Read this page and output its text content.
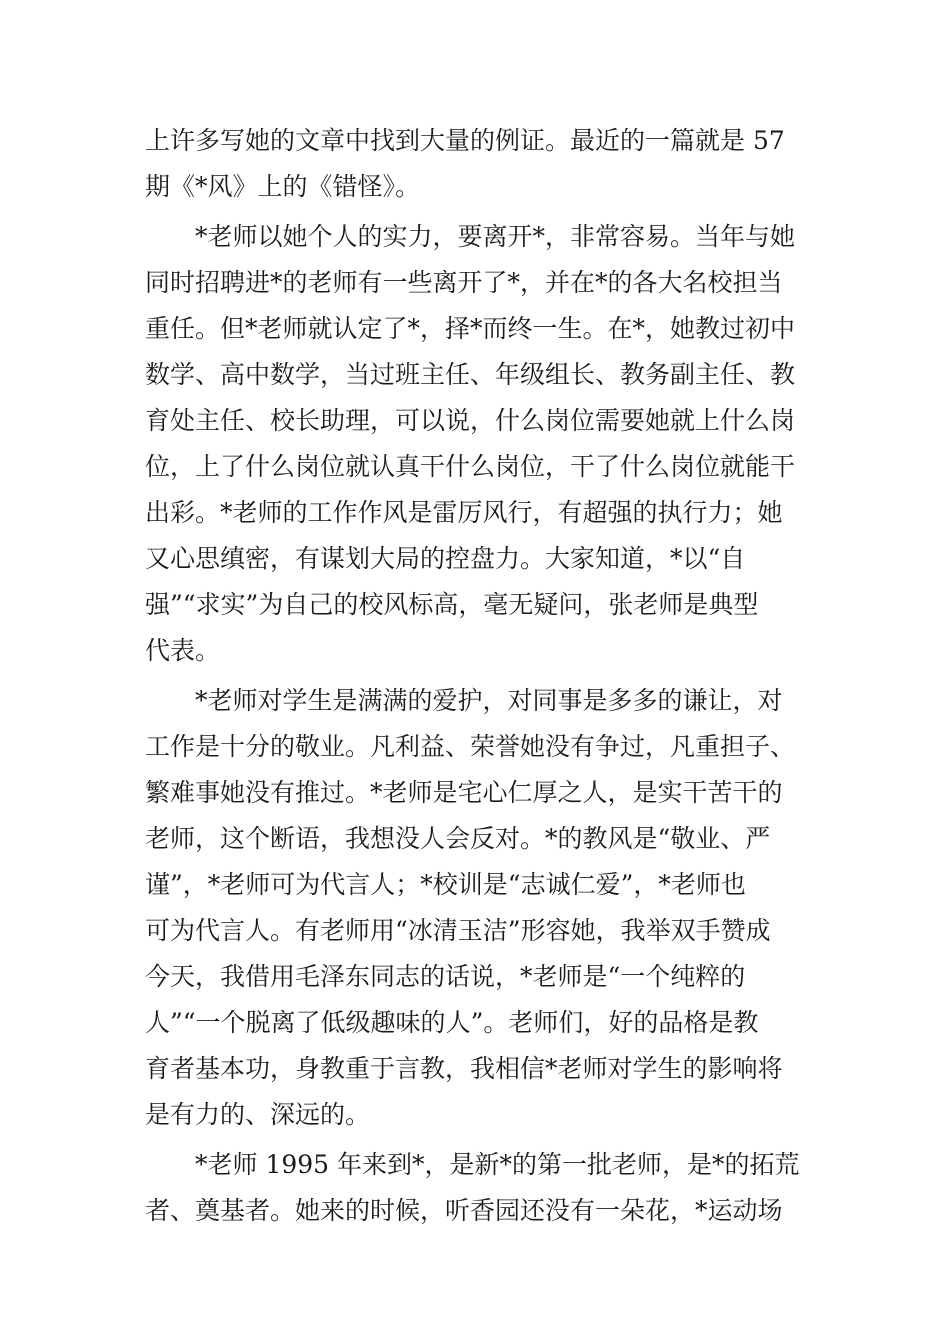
上许多写她的文章中找到大量的例证。最近的一篇就是 57
期《*风》上的《错怪》。
　　*老师以她个人的实力，要离开*，非常容易。当年与她
同时招聘进*的老师有一些离开了*，并在*的各大名校担当
重任。但*老师就认定了*，择*而终一生。在*，她教过初中
数学、高中数学，当过班主任、年级组长、教务副主任、教
育处主任、校长助理，可以说，什么岗位需要她就上什么岗
位，上了什么岗位就认真干什么岗位，干了什么岗位就能干
出彩。*老师的工作作风是雷厉风行，有超强的执行力；她
又心思缜密，有谋划大局的控盘力。大家知道，*以“自
强”“求实”为自己的校风标高，毫无疑问，张老师是典型
代表。
　　*老师对学生是满满的爱护，对同事是多多的谦让，对
工作是十分的敬业。凡利益、荣誉她没有争过，凡重担子、
繁难事她没有推过。*老师是宅心仁厚之人，是实干苦干的
老师，这个断语，我想没人会反对。*的教风是“敬业、严
谨”，*老师可为代言人；*校训是“志诚仁爱”，*老师也
可为代言人。有老师用“冰清玉洁”形容她，我举双手赞成
今天，我借用毛泽东同志的话说，*老师是“一个纯粹的
人”“一个脱离了低级趣味的人”。老师们，好的品格是教
育者基本功，身教重于言教，我相信*老师对学生的影响将
是有力的、深远的。
　　*老师 1995 年来到*，是新*的第一批老师，是*的拓荒
者、奠基者。她来的时候，听香园还没有一朵花，*运动场
